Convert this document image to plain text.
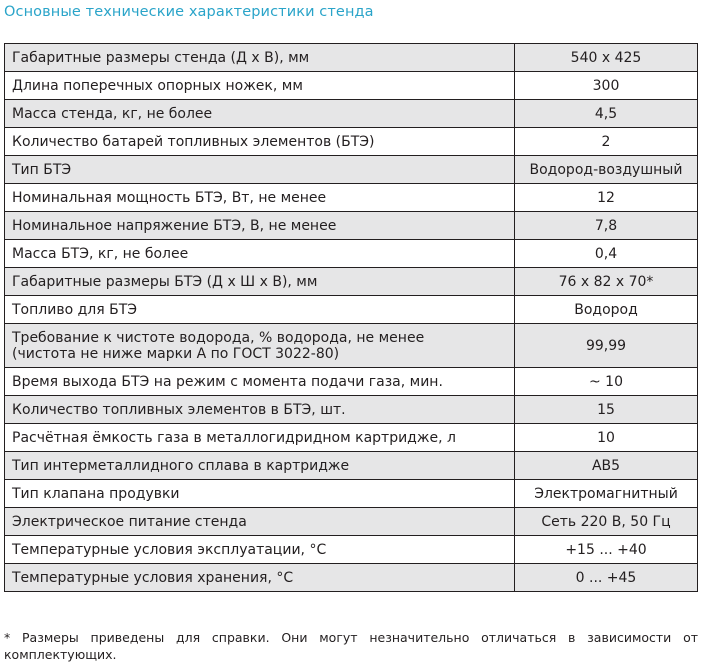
Основные технические характеристики стенда
Габаритные размеры стенда (Д х В), мм	540 х 425
Длина поперечных опорных ножек, мм	300
Масса стенда, кг, не более	4,5
Количество батарей топливных элементов (БТЭ)	2
Тип БТЭ	Водород-воздушный
Номинальная мощность БТЭ, Вт, не менее	12
Номинальное напряжение БТЭ, В, не менее	7,8
Масса БТЭ, кг, не более	0,4
Габаритные размеры БТЭ (Д х Ш х В), мм	76 х 82 х 70*
Топливо для БТЭ	Водород
Требование к чистоте водорода, % водорода, не менее
(чистота не ниже марки А по ГОСТ 3022-80)	99,99
Время выхода БТЭ на режим с момента подачи газа, мин.	~ 10
Количество топливных элементов в БТЭ, шт.	15
Расчётная ёмкость газа в металлогидридном картридже, л	10
Тип интерметаллидного сплава в картридже	АВ5
Тип клапана продувки	Электромагнитный
Электрическое питание стенда	Сеть 220 В, 50 Гц
Температурные условия эксплуатации, °С	+15 ... +40
Температурные условия хранения, °С	0 ... +45
* Размеры приведены для справки. Они могут незначительно отличаться в зависимости от комплектующих.
